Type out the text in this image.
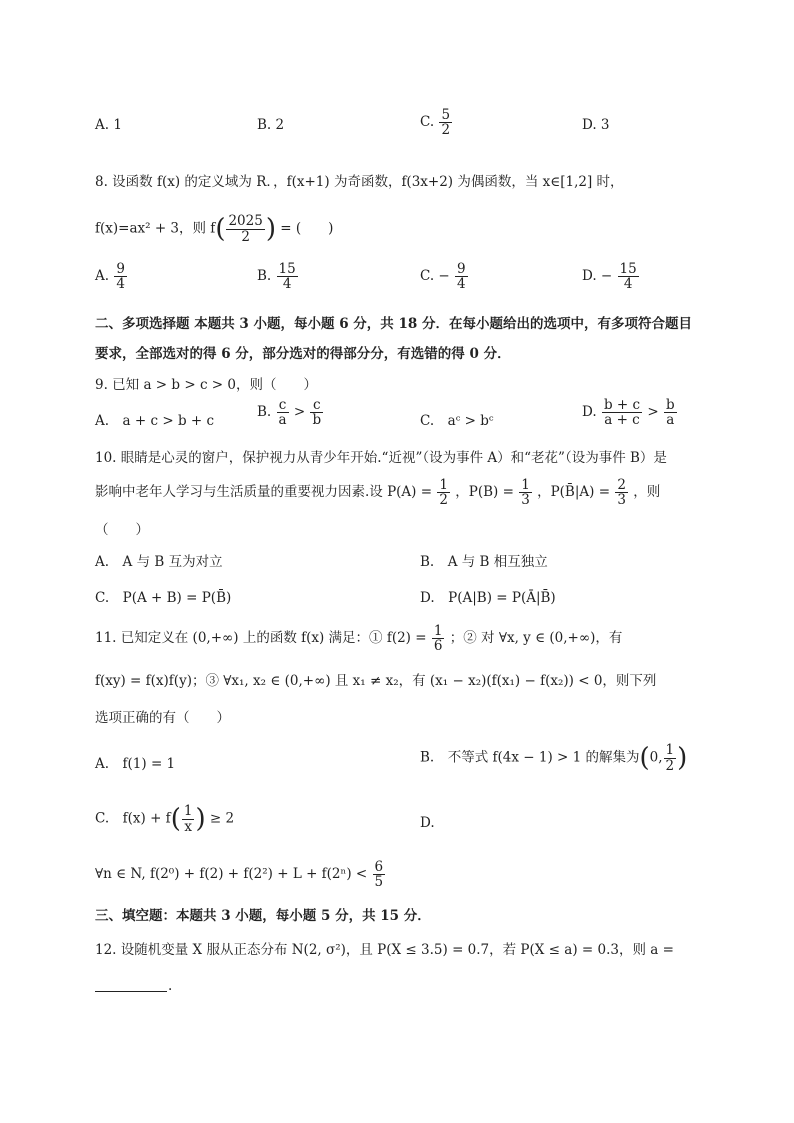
A. 1	B. 2	C. $\frac{5}{2}$	D. 3
8. 设函数 f(x) 的定义域为 R．，f(x+1) 为奇函数，f(3x+2) 为偶函数，当 x∈[1,2] 时，
f(x)=ax² + 3，则 $f( \frac{2025}{2}$ ) = (　　)
A. $\frac{9}{4}$	B. $\frac{15}{4}$	C. − $\frac{9}{4}$	D. − $\frac{15}{4}$
二、多项选择题 本题共 3 小题，每小题 6 分，共 18 分．在每小题给出的选项中，有多项符合题目
要求，全部选对的得 6 分，部分选对的得部分分，有选错的得 0 分．
9. 已知 a > b > c > 0，则（　　）
A.　a + c > b + c
B. $\frac{c}{a} > \frac{c}{b}$	C.　aᶜ > bᶜ
D. $\frac{b + c}{a + c} > \frac{b}{a}$
10. 眼睛是心灵的窗户，保护视力从青少年开始.“近视”（设为事件 A）和“老花”（设为事件 B）是
影响中老年人学习与生活质量的重要视力因素.设 $P(A) = \frac{1}{2}$ ，$P(B) = \frac{1}{3}$ ，P(B̄|A) = $\frac{2}{3}$ ，则
（　　）
A.　A 与 B 互为对立	B.　A 与 B 相互独立
C.　P(A + B) = P(B̄)	D.　P(A|B) = P(Ā|B̄)
11. 已知定义在 (0,+∞) 上的函数 f(x) 满足：① $f(2) = \frac{1}{6}$ ；② 对 ∀x, y ∈ (0,+∞)，有
f(xy) = f(x)f(y)；③ ∀x₁, x₂ ∈ (0,+∞) 且 x₁ ≠ x₂，有 (x₁ − x₂)(f(x₁) − f(x₂)) < 0，则下列
选项正确的有（　　）
A.　f(1) = 1	B.　不等式 f(4x − 1) > 1 的解集为(0, $\frac{1}{2}$ )
C.　$f(x) + f( \frac{1}{x}$ ) ≥ 2	D.
∀n ∈ N, $f(2^0) + f(2) + f(2^2) + L + f(2^n) < \frac{6}{5}$
三、填空题：本题共 3 小题，每小题 5 分，共 15 分．
12. 设随机变量 X 服从正态分布 N(2, σ²)，且 P(X ≤ 3.5) = 0.7，若 P(X ≤ a) = 0.3，则 a =
.
